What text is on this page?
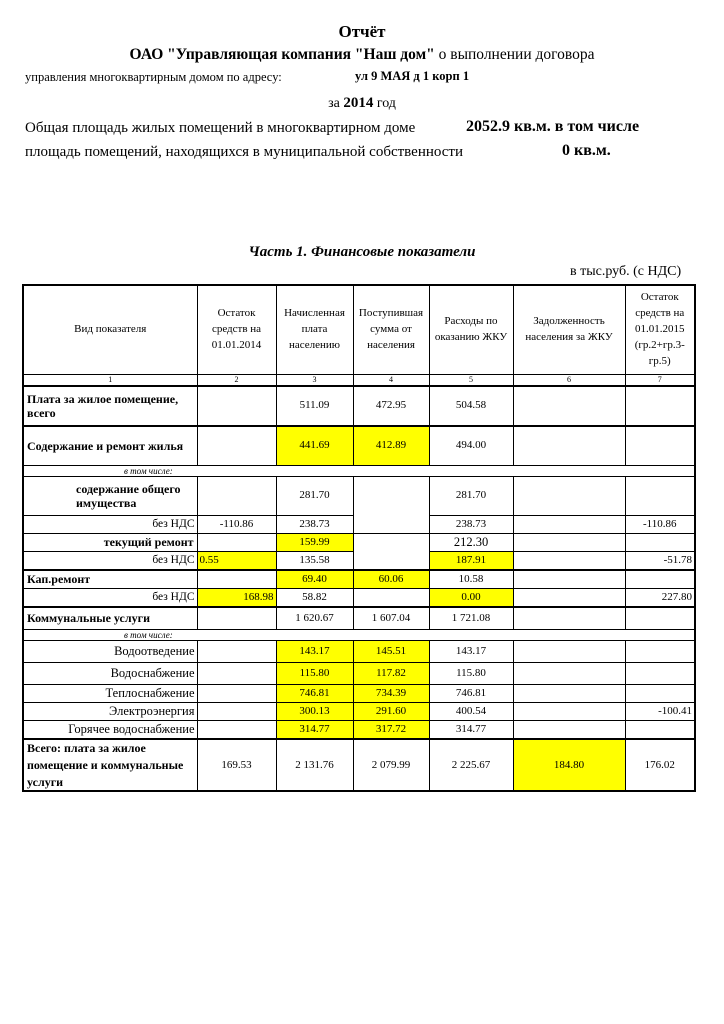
Отчёт
ОАО "Управляющая компания "Наш дом" о выполнении договора
управления многоквартирным домом по адресу:	ул 9 МАЯ д 1 корп 1
за 2014 год
Общая площадь жилых помещений в многоквартирном доме	2052.9 кв.м. в том числе
площадь помещений, находящихся в муниципальной собственности	0 кв.м.
Часть 1. Финансовые показатели
в тыс.руб. (с НДС)
Вид показателя	Остаток средств на 01.01.2014	Начисленная плата населению	Поступившая сумма от населения	Расходы по оказанию ЖКУ	Задолженность населения за ЖКУ	Остаток средств на 01.01.2015 (гр.2+гр.3-гр.5)
1	2	3	4	5	6	7
Плата за жилое помещение, всего		511.09	472.95	504.58		
Содержание и ремонт жилья		441.69	412.89	494.00		
в том числе:						
содержание общего имущества		281.70		281.70		
без НДС	-110.86	238.73		238.73		-110.86
текущий ремонт		159.99		212.30		
без НДС	0.55	135.58		187.91		-51.78
Кап.ремонт		69.40	60.06	10.58		
без НДС	168.98	58.82		0.00		227.80
Коммунальные услуги		1 620.67	1 607.04	1 721.08		
в том числе:						
Водоотведение		143.17	145.51	143.17		
Водоснабжение		115.80	117.82	115.80		
Теплоснабжение		746.81	734.39	746.81		
Электроэнергия		300.13	291.60	400.54		-100.41
Горячее водоснабжение		314.77	317.72	314.77		
Всего: плата за жилое помещение и коммунальные услуги	169.53	2 131.76	2 079.99	2 225.67	184.80	176.02
